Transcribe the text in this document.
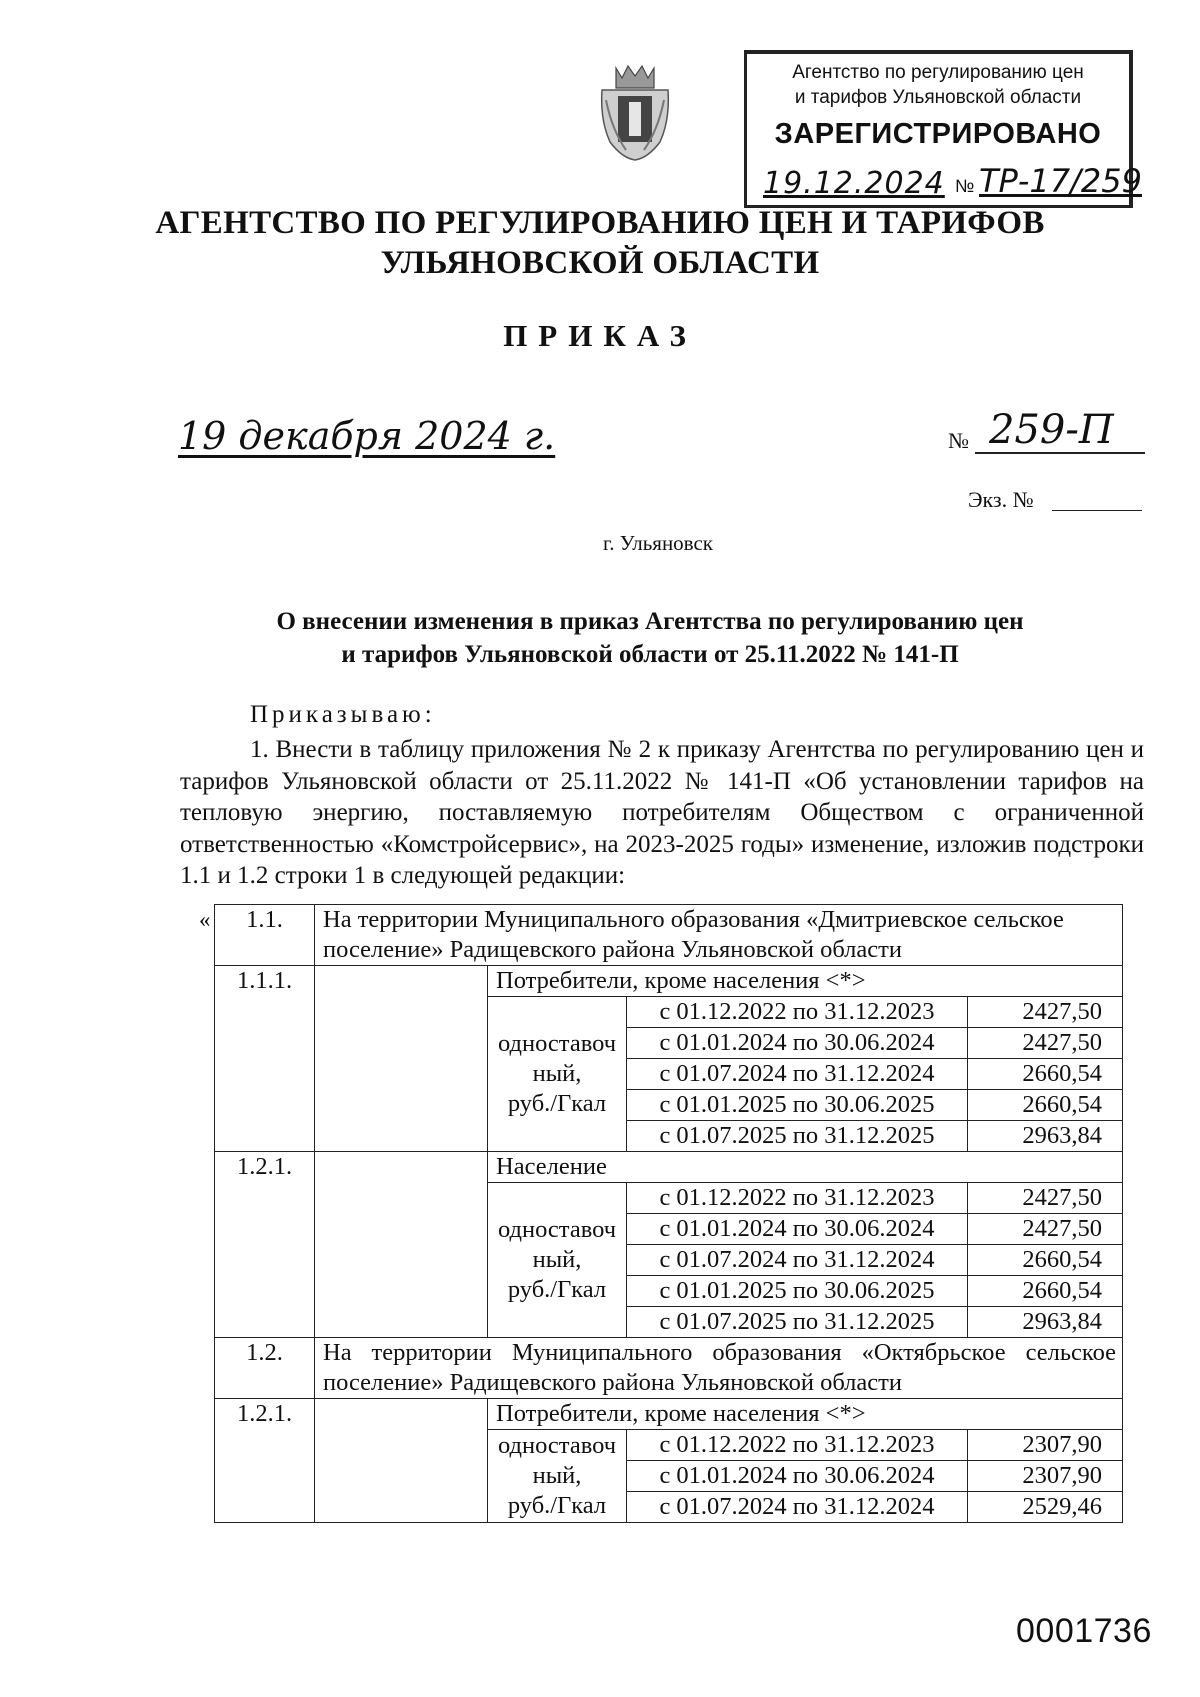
Агентство по регулированию цен
и тарифов Ульяновской области
ЗАРЕГИСТРИРОВАНО
19.12.2024 № ТР-17/259
АГЕНТСТВО ПО РЕГУЛИРОВАНИЮ ЦЕН И ТАРИФОВ
УЛЬЯНОВСКОЙ ОБЛАСТИ
ПРИКАЗ
19 декабря 2024 г.	№ 259-П
Экз. №
г. Ульяновск
О внесении изменения в приказ Агентства по регулированию цен
и тарифов Ульяновской области от 25.11.2022 № 141-П
Приказываю:
1. Внести в таблицу приложения № 2 к приказу Агентства по регулированию цен и тарифов Ульяновской области от 25.11.2022 № 141-П «Об установлении тарифов на тепловую энергию, поставляемую потребителям Обществом с ограниченной ответственностью «Комстройсервис», на 2023-2025 годы» изменение, изложив подстроки 1.1 и 1.2 строки 1 в следующей редакции:
« 1.1.	На территории Муниципального образования «Дмитриевское сельское поселение» Радищевского района Ульяновской области			
1.1.1.		Потребители, кроме населения <*>		

		одноставоч
ный,
руб./Гкал	с 01.12.2022 по 31.12.2023	2427,50
			с 01.01.2024 по 30.06.2024	2427,50
			с 01.07.2024 по 31.12.2024	2660,54
			с 01.01.2025 по 30.06.2025	2660,54
			с 01.07.2025 по 31.12.2025	2963,84
1.2.1.		Население		

		одноставоч
ный,
руб./Гкал	с 01.12.2022 по 31.12.2023	2427,50
			с 01.01.2024 по 30.06.2024	2427,50
			с 01.07.2024 по 31.12.2024	2660,54
			с 01.01.2025 по 30.06.2025	2660,54
			с 01.07.2025 по 31.12.2025	2963,84
1.2.	На территории Муниципального образования «Октябрьское сельское поселение» Радищевского района Ульяновской области			
1.2.1.		Потребители, кроме населения <*>		

		одноставоч
ный,
руб./Гкал	с 01.12.2022 по 31.12.2023	2307,90
			с 01.01.2024 по 30.06.2024	2307,90
			с 01.07.2024 по 31.12.2024	2529,46
0001736
